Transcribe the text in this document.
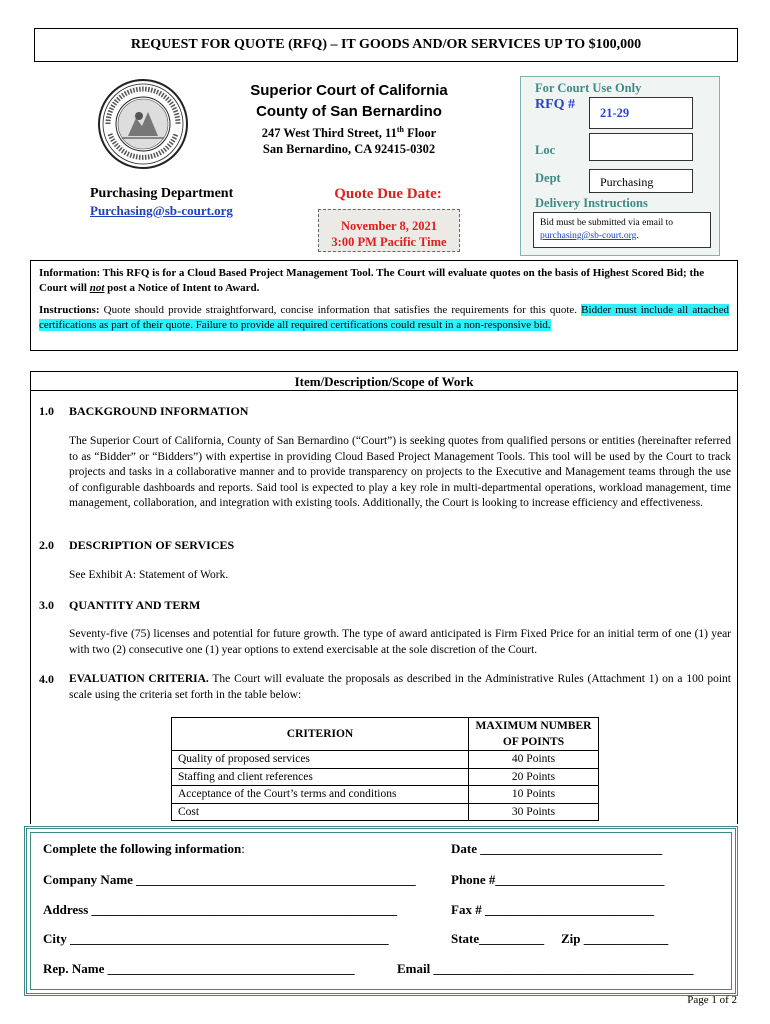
REQUEST FOR QUOTE (RFQ) – IT GOODS AND/OR SERVICES UP TO $100,000
Superior Court of California
County of San Bernardino
247 West Third Street, 11th Floor
San Bernardino, CA 92415-0302
Purchasing Department
Purchasing@sb-court.org
Quote Due Date:
November 8, 2021
3:00 PM Pacific Time
For Court Use Only
RFQ #
21-29
Loc
Dept	Purchasing
Delivery Instructions
Bid must be submitted via email to
purchasing@sb-court.org.
Information: This RFQ is for a Cloud Based Project Management Tool. The Court will evaluate quotes on the basis of Highest Scored Bid; the Court will not post a Notice of Intent to Award.
Instructions: Quote should provide straightforward, concise information that satisfies the requirements for this quote. Bidder must include all attached certifications as part of their quote. Failure to provide all required certifications could result in a non-responsive bid.
Item/Description/Scope of Work
1.0 BACKGROUND INFORMATION
The Superior Court of California, County of San Bernardino (“Court”) is seeking quotes from qualified persons or entities (hereinafter referred to as “Bidder” or “Bidders”) with expertise in providing Cloud Based Project Management Tools. This tool will be used by the Court to track projects and tasks in a collaborative manner and to provide transparency on projects to the Executive and Management teams through the use of configurable dashboards and reports. Said tool is expected to play a key role in multi-departmental operations, workload management, time management, collaboration, and integration with existing tools. Additionally, the Court is looking to increase efficiency and effectiveness.
2.0 DESCRIPTION OF SERVICES
See Exhibit A: Statement of Work.
3.0 QUANTITY AND TERM
Seventy-five (75) licenses and potential for future growth. The type of award anticipated is Firm Fixed Price for an initial term of one (1) year with two (2) consecutive one (1) year options to extend exercisable at the sole discretion of the Court.
4.0 EVALUATION CRITERIA. The Court will evaluate the proposals as described in the Administrative Rules (Attachment 1) on a 100 point scale using the criteria set forth in the table below:
CRITERION	MAXIMUM NUMBER OF POINTS
Quality of proposed services	40 Points
Staffing and client references	20 Points
Acceptance of the Court’s terms and conditions	10 Points
Cost	30 Points
Complete the following information:	Date ____________________________
Company Name ___________________________________________	Phone #__________________________
Address _______________________________________________	Fax # __________________________
City _________________________________________________	State__________ Zip _____________
Rep. Name ______________________________________	Email ________________________________________
Page 1 of 2
